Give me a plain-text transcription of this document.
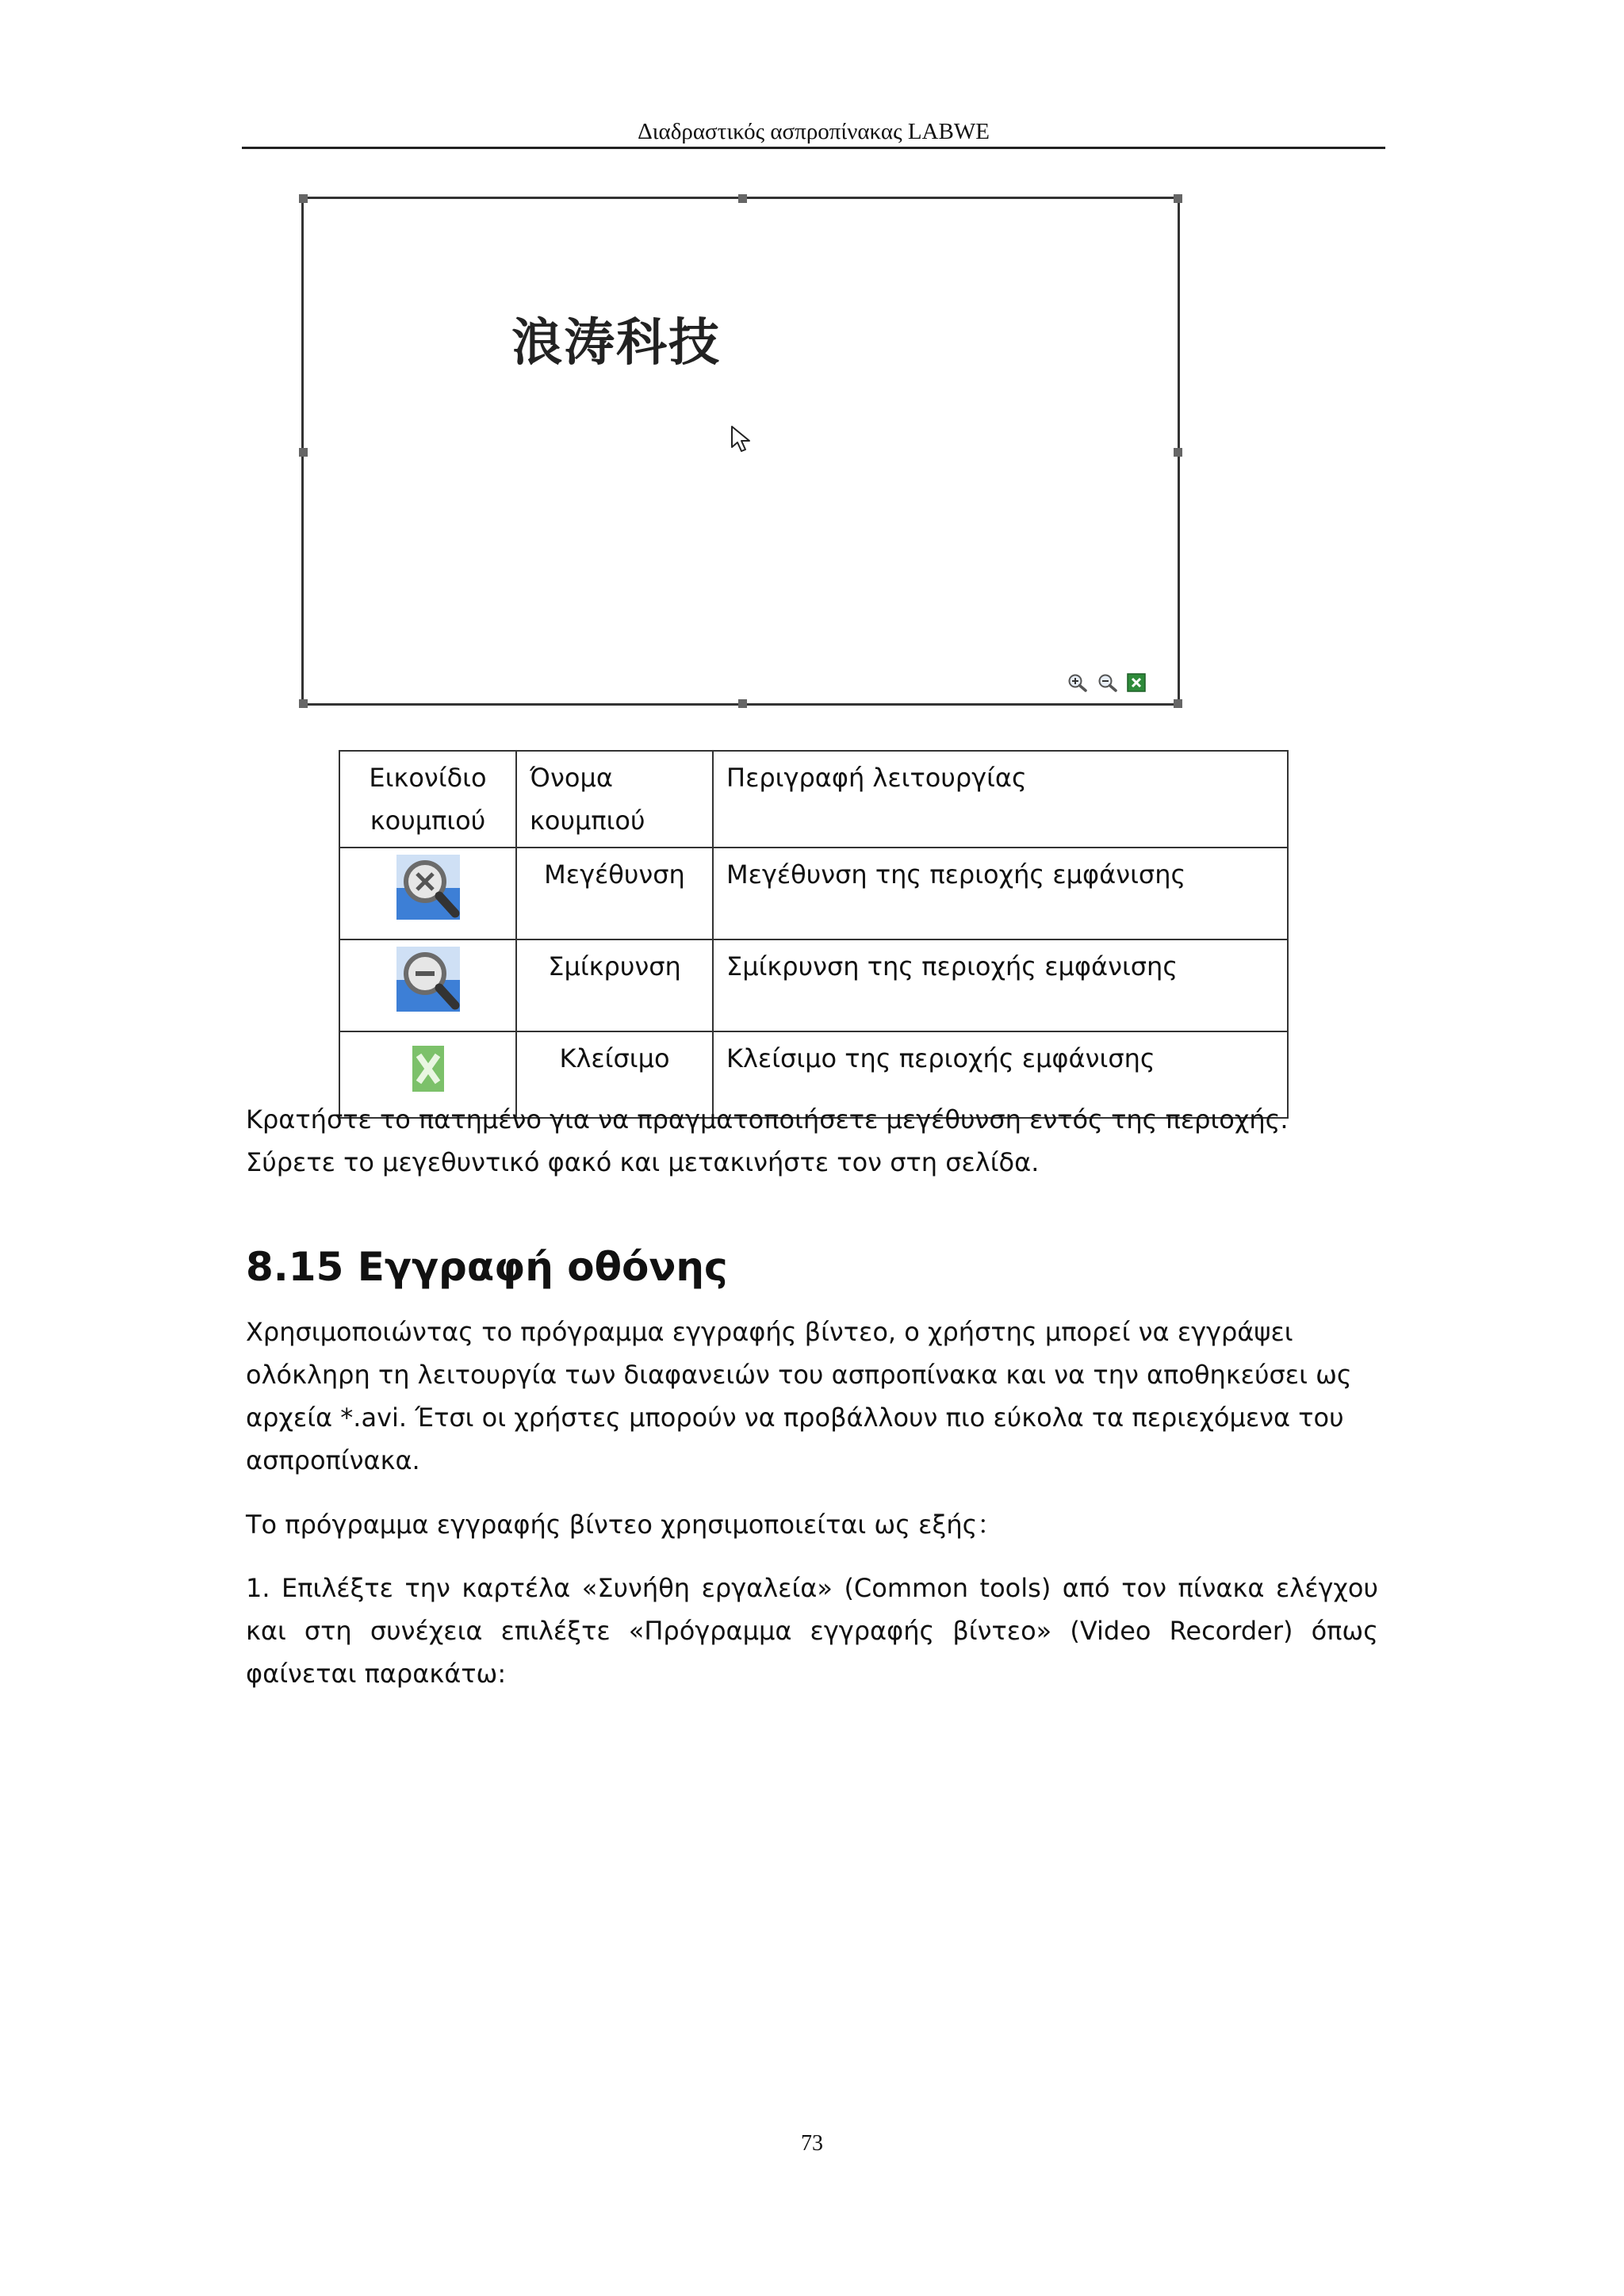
Διαδραστικός ασπροπίνακας LABWE
浪涛科技
Εικονίδιο κουμπιού	Όνομα κουμπιού	Περιγραφή λειτουργίας
	Μεγέθυνση	Μεγέθυνση της περιοχής εμφάνισης
	Σμίκρυνση	Σμίκρυνση της περιοχής εμφάνισης
	Κλείσιμο	Κλείσιμο της περιοχής εμφάνισης

Κρατήστε το πατημένο για να πραγματοποιήσετε μεγέθυνση εντός της περιοχής. Σύρετε το μεγεθυντικό φακό και μετακινήστε τον στη σελίδα.

8.15 Εγγραφή οθόνης

Χρησιμοποιώντας το πρόγραμμα εγγραφής βίντεο, ο χρήστης μπορεί να εγγράψει ολόκληρη τη λειτουργία των διαφανειών του ασπροπίνακα και να την αποθηκεύσει ως αρχεία *.avi. Έτσι οι χρήστες μπορούν να προβάλλουν πιο εύκολα τα περιεχόμενα του ασπροπίνακα.

Το πρόγραμμα εγγραφής βίντεο χρησιμοποιείται ως εξής：

1. Επιλέξτε την καρτέλα «Συνήθη εργαλεία» (Common tools) από τον πίνακα ελέγχου και στη συνέχεια επιλέξτε «Πρόγραμμα εγγραφής βίντεο» (Video Recorder) όπως φαίνεται παρακάτω:

73
